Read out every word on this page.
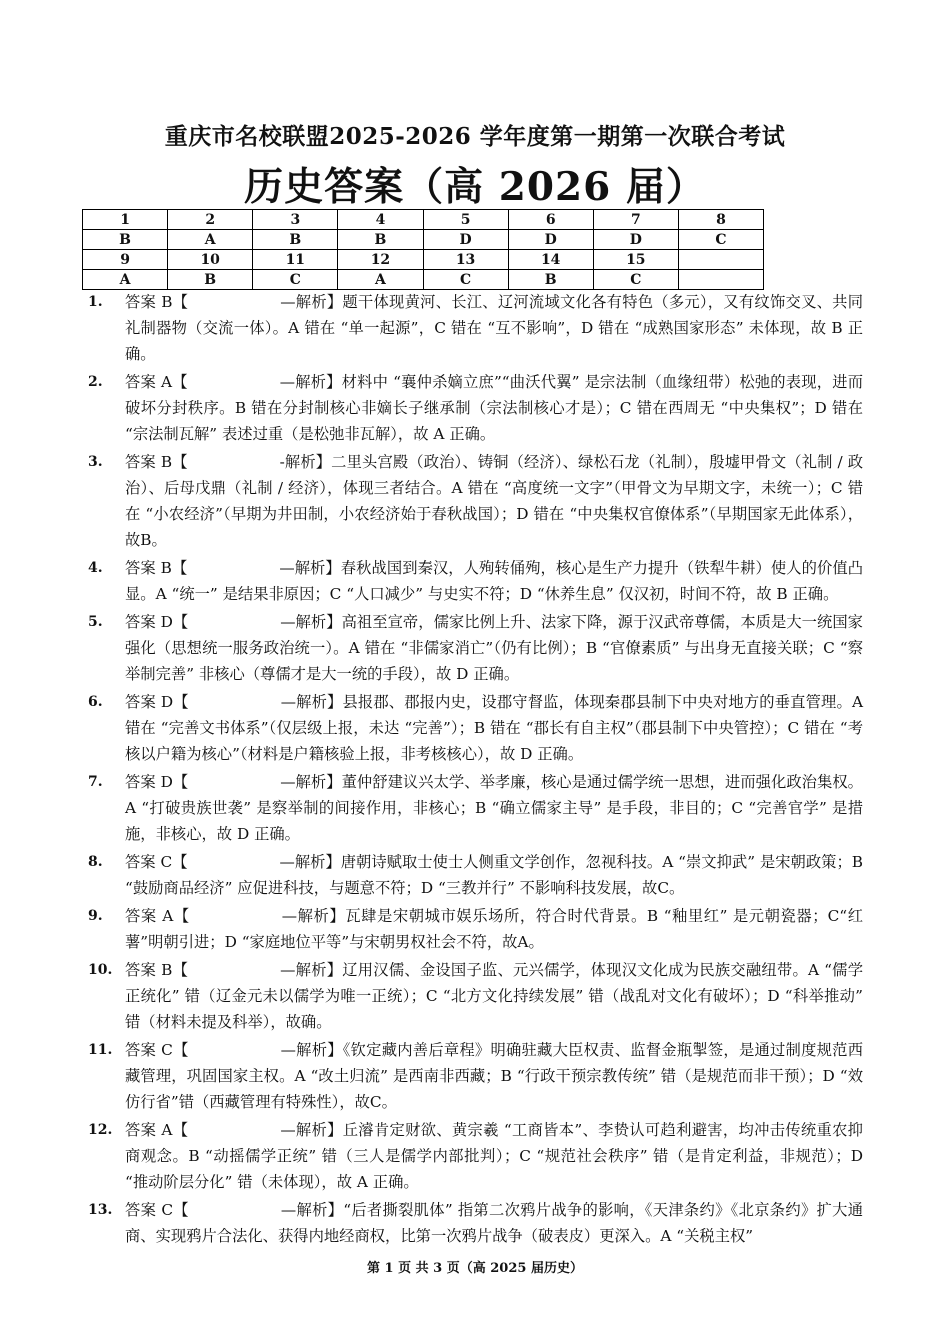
重庆市名校联盟2025-2026 学年度第一期第一次联合考试
历史答案（高 2026 届）
1	2	3	4	5	6	7	8
B	A	B	B	D	D	D	C
9	10	11	12	13	14	15	
A	B	C	A	C	B	C	
1. 答案 B【	—解析】题干体现黄河、长江、辽河流域文化各有特色（多元），又有纹饰交叉、共同礼制器物（交流一体）。A 错在 “单一起源”，C 错在 “互不影响”，D 错在 “成熟国家形态” 未体现，故 B 正确。
2. 答案 A【	—解析】材料中 “襄仲杀嫡立庶”“曲沃代翼” 是宗法制（血缘纽带）松弛的表现，进而破坏分封秩序。B 错在分封制核心非嫡长子继承制（宗法制核心才是）；C 错在西周无 “中央集权”；D 错在 “宗法制瓦解” 表述过重（是松弛非瓦解），故 A 正确。
3. 答案 B【	-解析】二里头宫殿（政治）、铸铜（经济）、绿松石龙（礼制），殷墟甲骨文（礼制 / 政治）、后母戊鼎（礼制 / 经济），体现三者结合。A 错在 “高度统一文字”（甲骨文为早期文字，未统一）；C 错在 “小农经济”（早期为井田制，小农经济始于春秋战国）；D 错在 “中央集权官僚体系”（早期国家无此体系），故B。
4. 答案 B【	—解析】春秋战国到秦汉，人殉转俑殉，核心是生产力提升（铁犁牛耕）使人的价值凸显。A “统一” 是结果非原因；C “人口减少” 与史实不符；D “休养生息” 仅汉初，时间不符，故 B 正确。
5. 答案 D【	—解析】高祖至宣帝，儒家比例上升、法家下降，源于汉武帝尊儒，本质是大一统国家强化（思想统一服务政治统一）。A 错在 “非儒家消亡”（仍有比例）；B “官僚素质” 与出身无直接关联；C “察举制完善” 非核心（尊儒才是大一统的手段），故 D 正确。
6. 答案 D【	—解析】县报郡、郡报内史，设郡守督监，体现秦郡县制下中央对地方的垂直管理。A 错在 “完善文书体系”（仅层级上报，未达 “完善”）；B 错在 “郡长有自主权”（郡县制下中央管控）；C 错在 “考核以户籍为核心”（材料是户籍核验上报，非考核核心），故 D 正确。
7. 答案 D【	—解析】董仲舒建议兴太学、举孝廉，核心是通过儒学统一思想，进而强化政治集权。A “打破贵族世袭” 是察举制的间接作用，非核心；B “确立儒家主导” 是手段，非目的；C “完善官学” 是措施，非核心，故 D 正确。
8. 答案 C【	—解析】唐朝诗赋取士使士人侧重文学创作，忽视科技。A “崇文抑武” 是宋朝政策；B “鼓励商品经济” 应促进科技，与题意不符；D “三教并行” 不影响科技发展，故C。
9. 答案 A【	—解析】瓦肆是宋朝城市娱乐场所，符合时代背景。B “釉里红” 是元朝瓷器；C“红薯”明朝引进；D “家庭地位平等”与宋朝男权社会不符，故A。
10. 答案 B【	—解析】辽用汉儒、金设国子监、元兴儒学，体现汉文化成为民族交融纽带。A “儒学正统化” 错（辽金元未以儒学为唯一正统）；C “北方文化持续发展” 错（战乱对文化有破坏）；D “科举推动” 错（材料未提及科举），故确。
11. 答案 C【	—解析】《钦定藏内善后章程》明确驻藏大臣权责、监督金瓶掣签，是通过制度规范西藏管理，巩固国家主权。A “改土归流” 是西南非西藏；B “行政干预宗教传统” 错（是规范而非干预）；D “效仿行省”错（西藏管理有特殊性），故C。
12. 答案 A【	—解析】丘濬肯定财欲、黄宗羲 “工商皆本”、李贽认可趋利避害，均冲击传统重农抑商观念。B “动摇儒学正统” 错（三人是儒学内部批判）；C “规范社会秩序” 错（是肯定利益，非规范）；D “推动阶层分化” 错（未体现），故 A 正确。
13. 答案 C【	—解析】“后者撕裂肌体” 指第二次鸦片战争的影响，《天津条约》《北京条约》扩大通商、实现鸦片合法化、获得内地经商权，比第一次鸦片战争（破表皮）更深入。A “关税主权”
第 1 页 共 3 页（高 2025 届历史）
